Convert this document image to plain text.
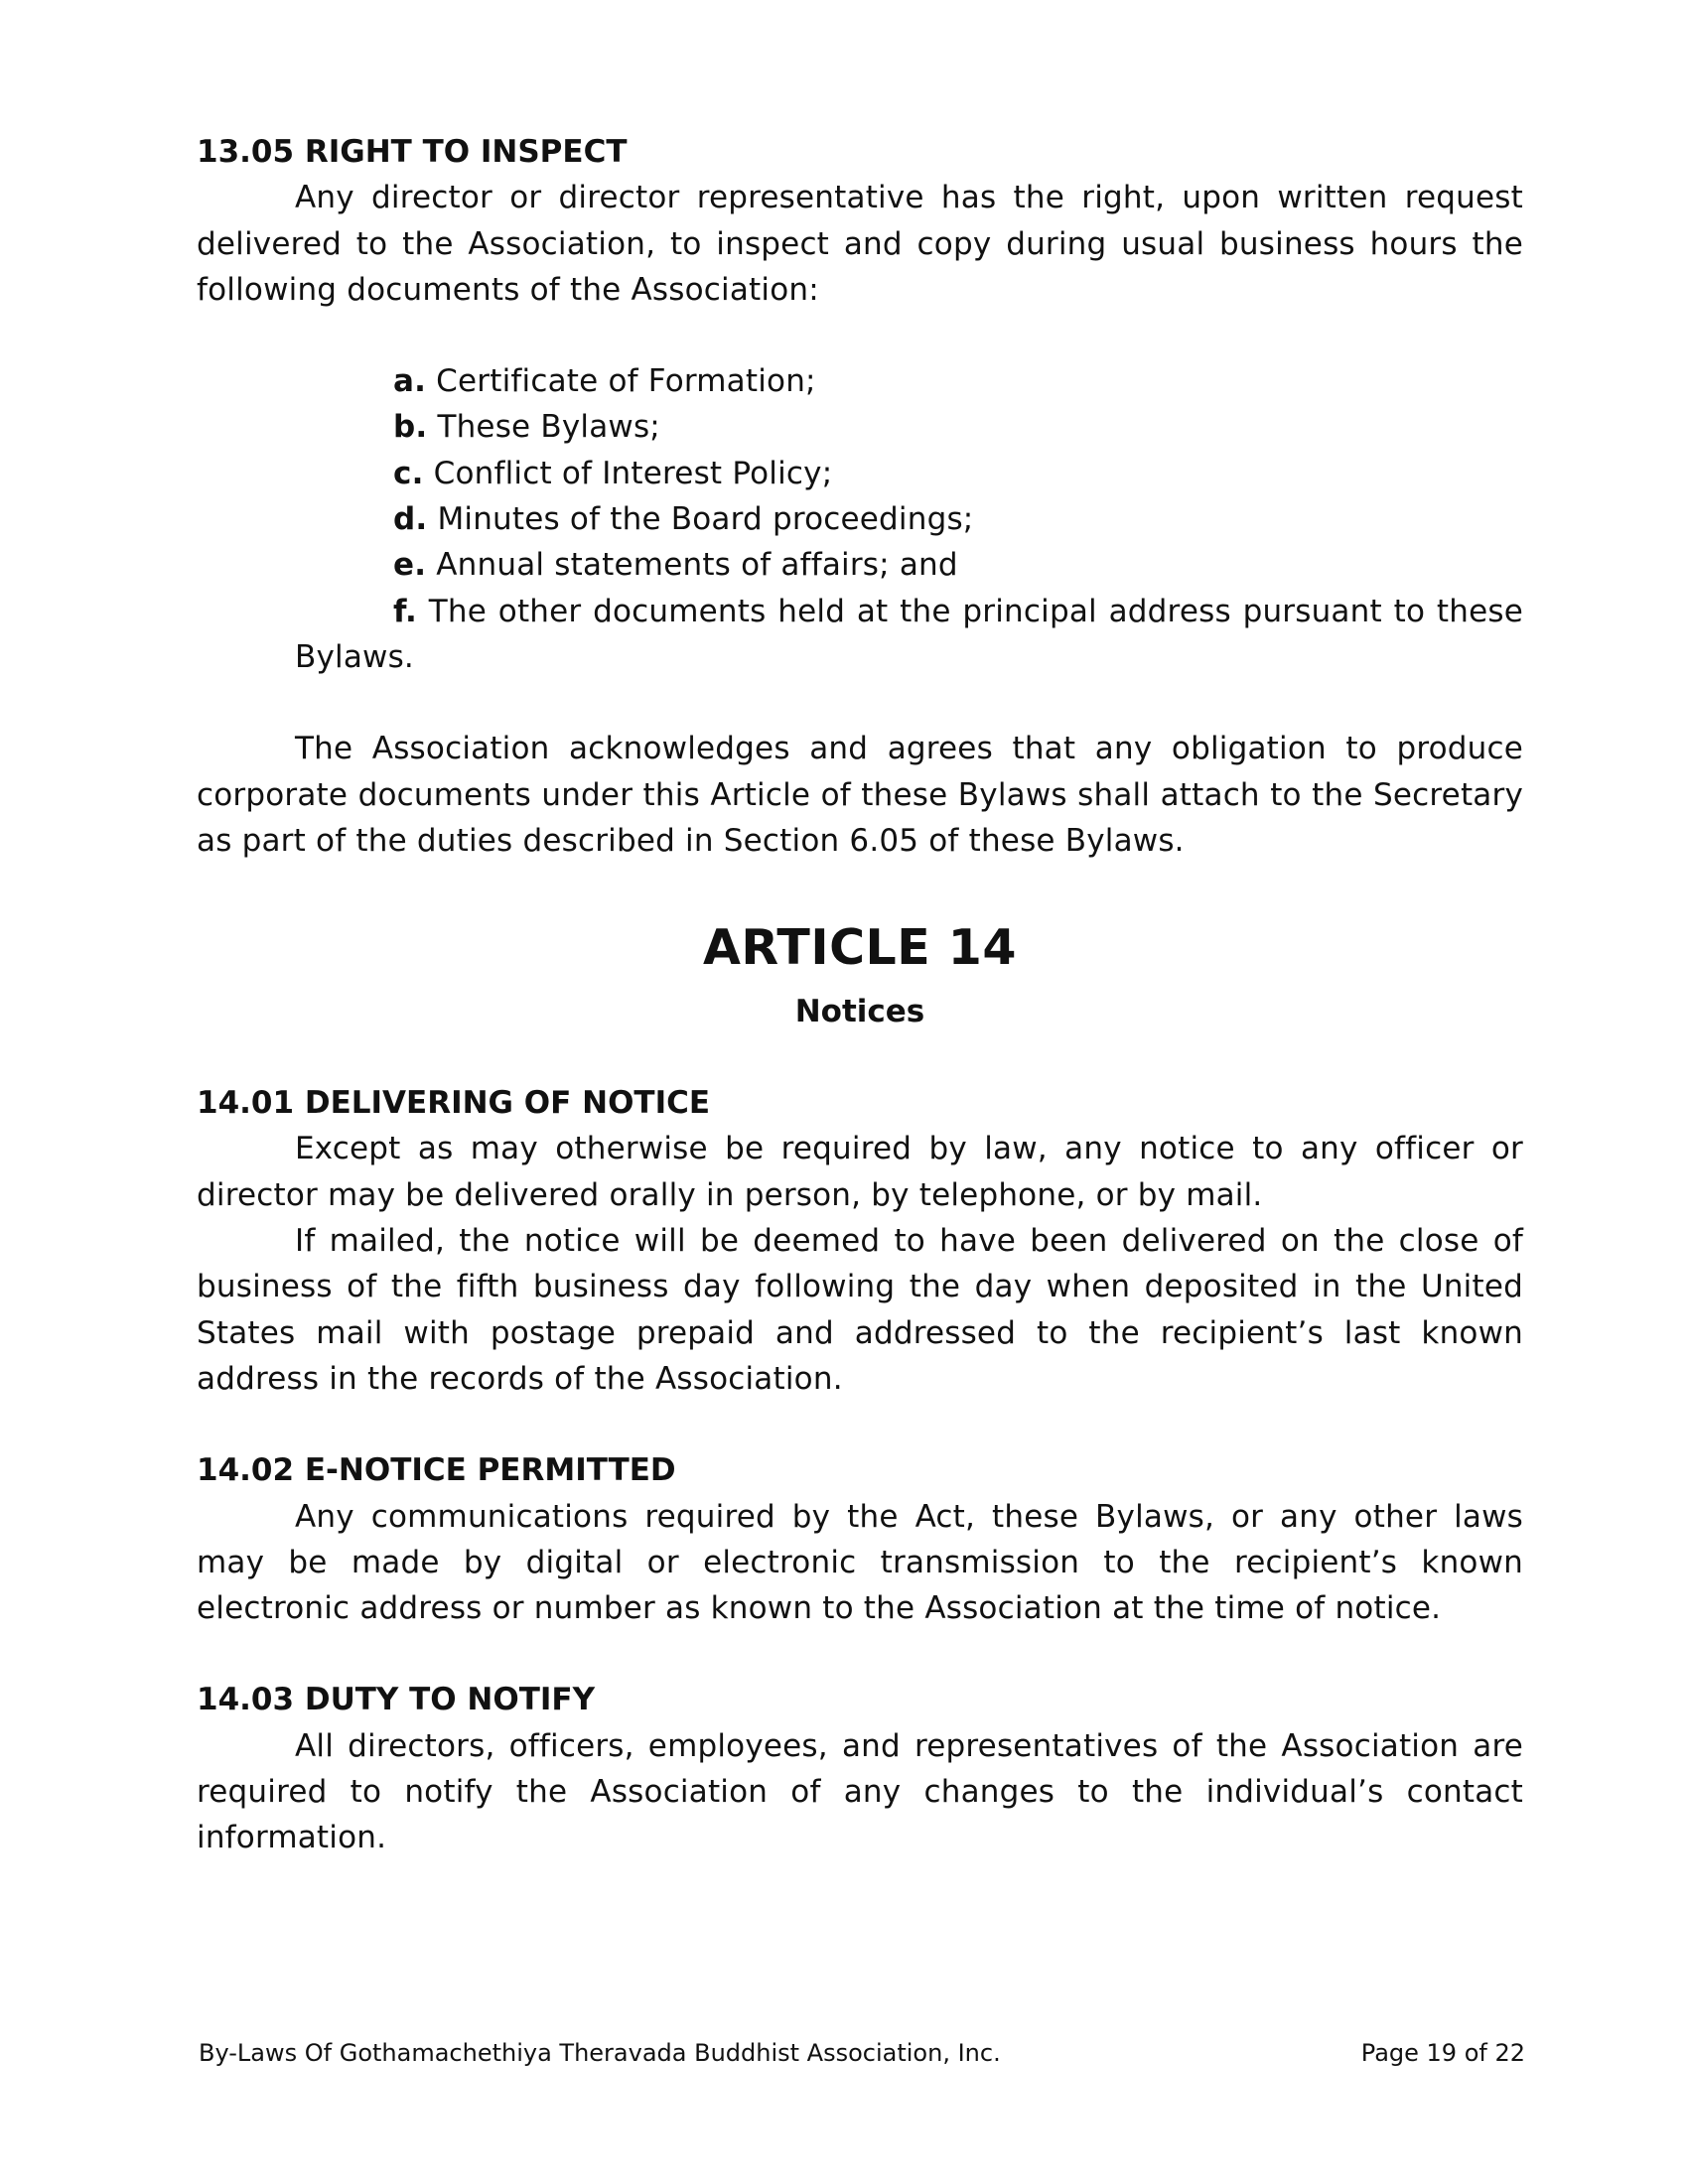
13.05 RIGHT TO INSPECT

Any director or director representative has the right, upon written request delivered to the Association, to inspect and copy during usual business hours the following documents of the Association:

a. Certificate of Formation;
b. These Bylaws;
c. Conflict of Interest Policy;
d. Minutes of the Board proceedings;
e. Annual statements of affairs; and
f. The other documents held at the principal address pursuant to these Bylaws.

The Association acknowledges and agrees that any obligation to produce corporate documents under this Article of these Bylaws shall attach to the Secretary as part of the duties described in Section 6.05 of these Bylaws.

ARTICLE 14
Notices

14.01 DELIVERING OF NOTICE

Except as may otherwise be required by law, any notice to any officer or director may be delivered orally in person, by telephone, or by mail.

If mailed, the notice will be deemed to have been delivered on the close of business of the fifth business day following the day when deposited in the United States mail with postage prepaid and addressed to the recipient’s last known address in the records of the Association.

14.02 E-NOTICE PERMITTED

Any communications required by the Act, these Bylaws, or any other laws may be made by digital or electronic transmission to the recipient’s known electronic address or number as known to the Association at the time of notice.

14.03 DUTY TO NOTIFY

All directors, officers, employees, and representatives of the Association are required to notify the Association of any changes to the individual’s contact information.

By-Laws Of Gothamachethiya Theravada Buddhist Association, Inc.	Page 19 of 22
